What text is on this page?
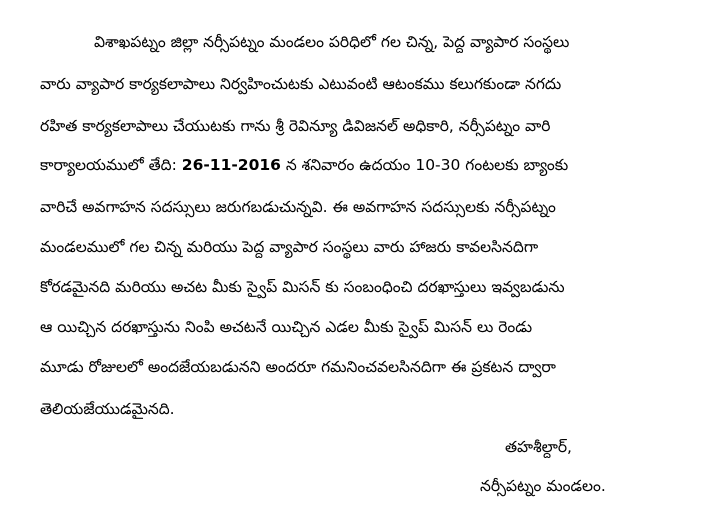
విశాఖపట్నం జిల్లా నర్సీపట్నం మండలం పరిధిలో గల చిన్న, పెద్ద వ్యాపార సంస్థలు
వారు వ్యాపార కార్యకలాపాలు నిర్వహించుటకు ఎటువంటి ఆటంకము కలుగకుండా నగదు
రహిత కార్యకలాపాలు చేయుటకు గాను శ్రీ రెవిన్యూ డివిజనల్ అధికారి, నర్సీపట్నం వారి
కార్యాలయములో తేది: 26-11-2016 న శనివారం ఉదయం 10-30 గంటలకు బ్యాంకు
వారిచే అవగాహన సదస్సులు జరుగబడుచున్నవి. ఈ అవగాహన సదస్సులకు నర్సీపట్నం
మండలములో గల చిన్న మరియు పెద్ద వ్యాపార సంస్థలు వారు హాజరు కావలసినదిగా
కోరడమైనది మరియు అచట మీకు స్వైప్ మిసన్ కు సంబంధించి దరఖాస్తులు ఇవ్వబడును
ఆ యిచ్చిన దరఖాస్తును నింపి అచటనే యిచ్చిన ఎడల మీకు స్వైప్ మిసన్ లు రెండు
మూడు రోజులలో అందజేయబడునని అందరూ గమనించవలసినదిగా ఈ ప్రకటన ద్వారా
తెలియజేయుడమైనది.
తహశీల్దార్,
నర్సీపట్నం మండలం.
